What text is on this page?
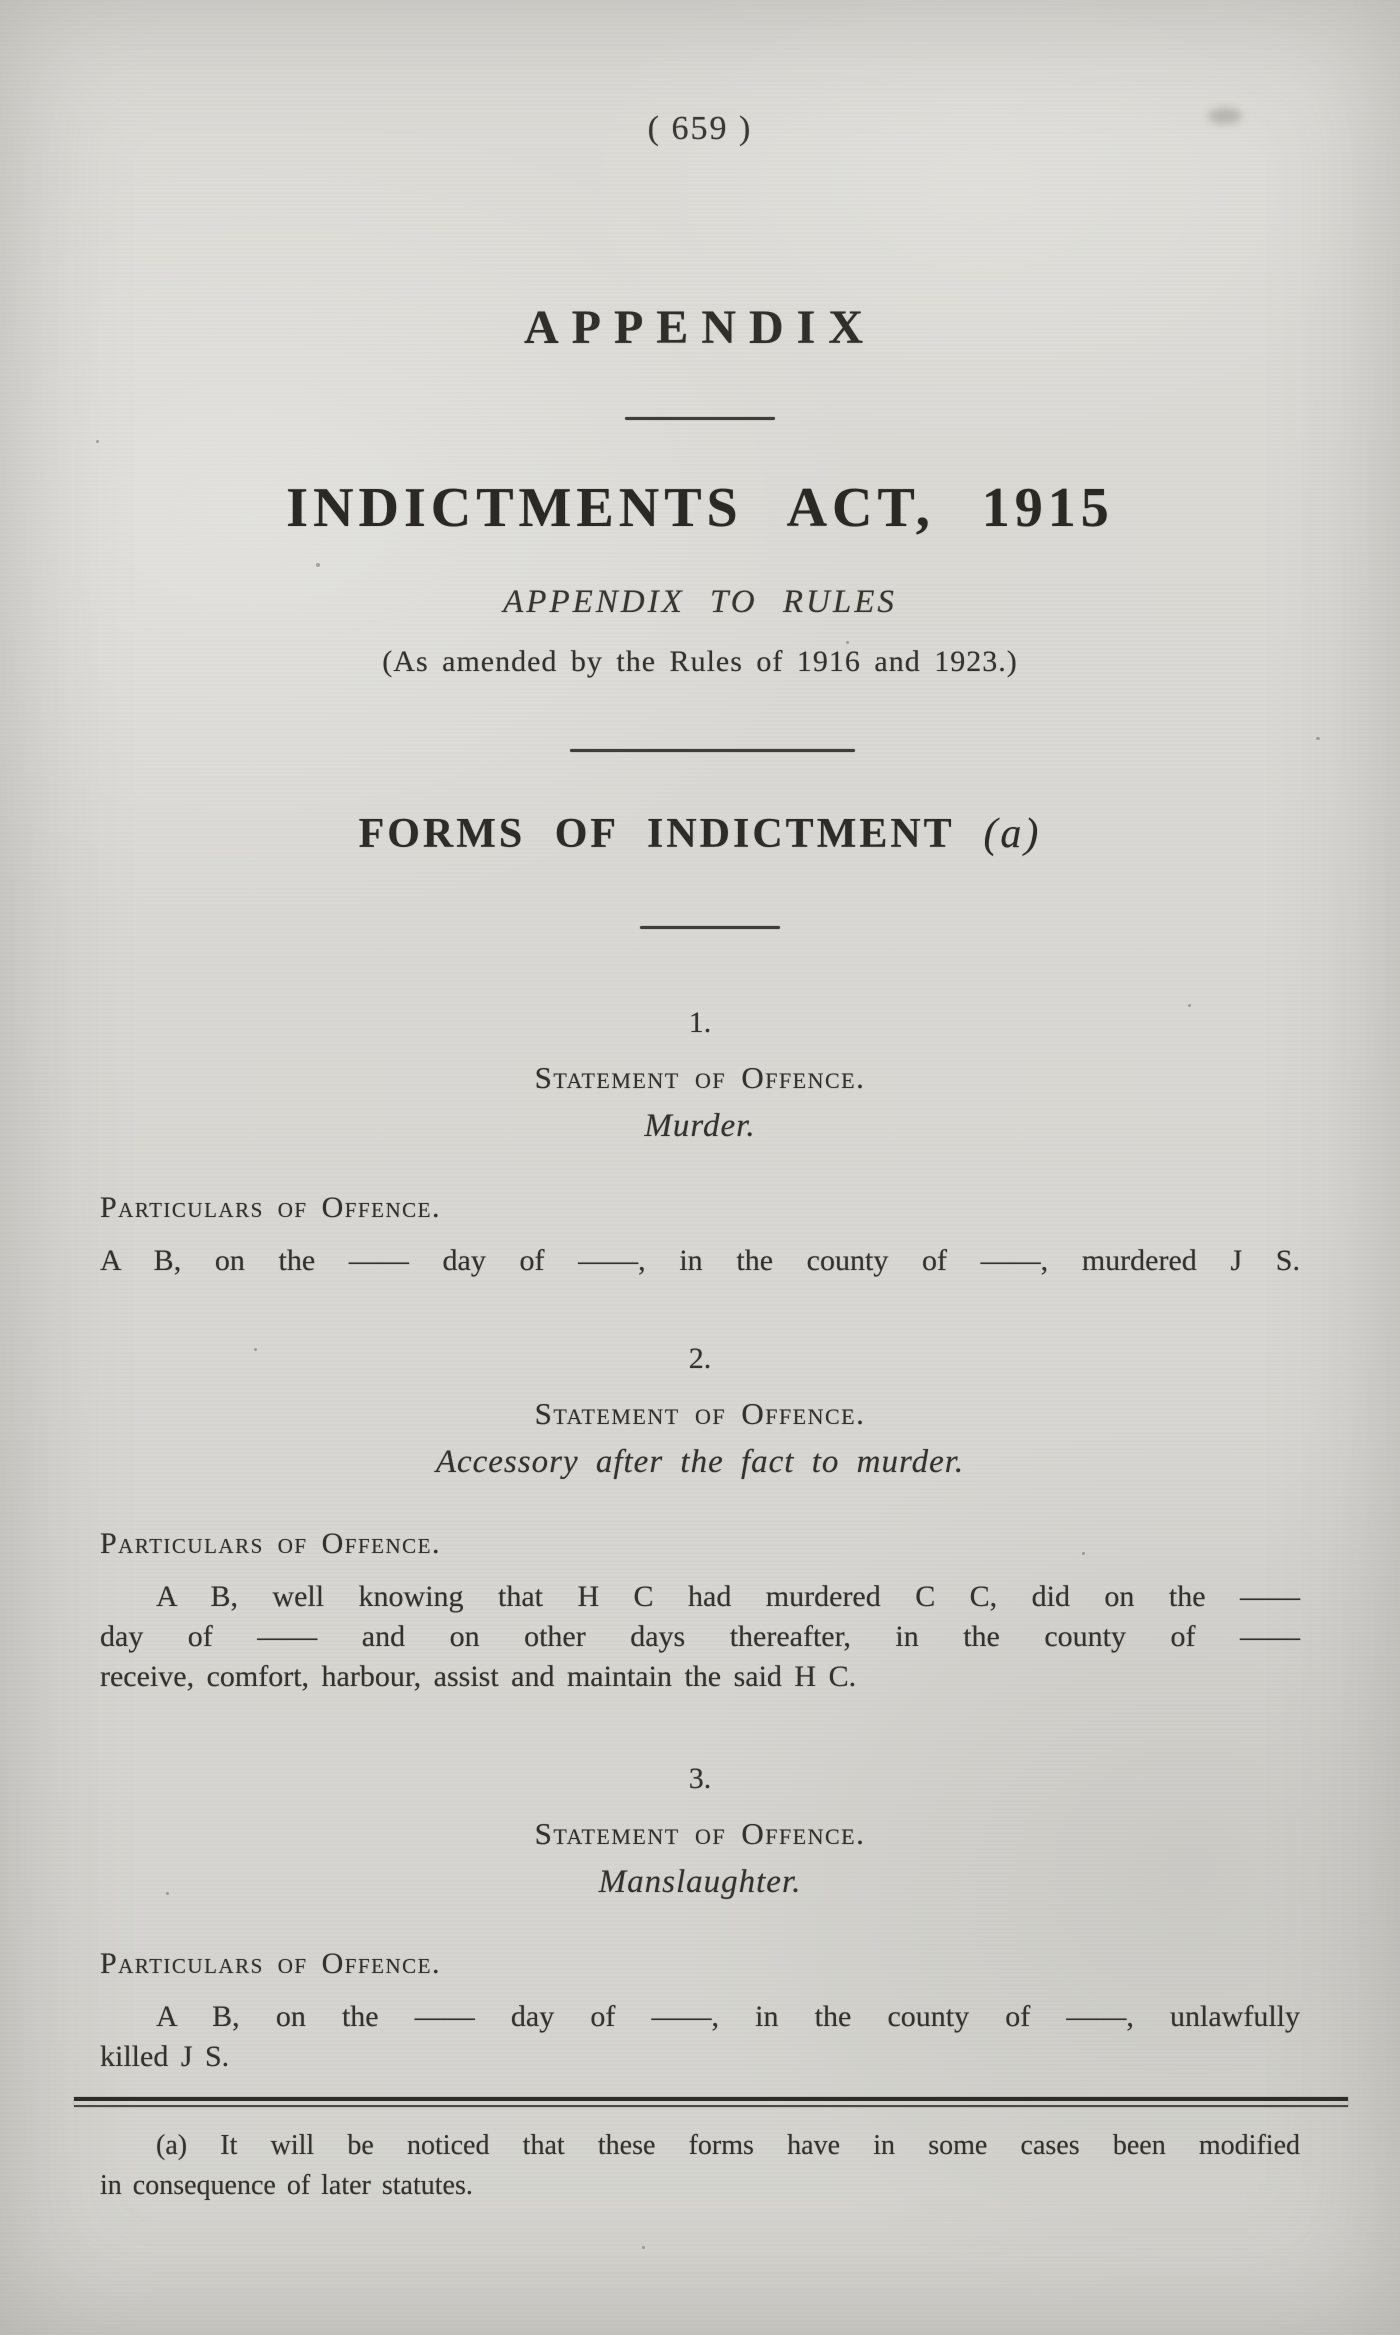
( 659 )
APPENDIX
INDICTMENTS ACT, 1915
APPENDIX TO RULES
(As amended by the Rules of 1916 and 1923.)
FORMS OF INDICTMENT (a)
1.
Statement of Offence.
Murder.
Particulars of Offence.
A B, on the —— day of ——, in the county of ——, murdered J S.
2.
Statement of Offence.
Accessory after the fact to murder.
Particulars of Offence.
A B, well knowing that H C had murdered C C, did on the ——
day of —— and on other days thereafter, in the county of ——
receive, comfort, harbour, assist and maintain the said H C.
3.
Statement of Offence.
Manslaughter.
Particulars of Offence.
A B, on the —— day of ——, in the county of ——, unlawfully
killed J S.
(a) It will be noticed that these forms have in some cases been modified
in consequence of later statutes.
